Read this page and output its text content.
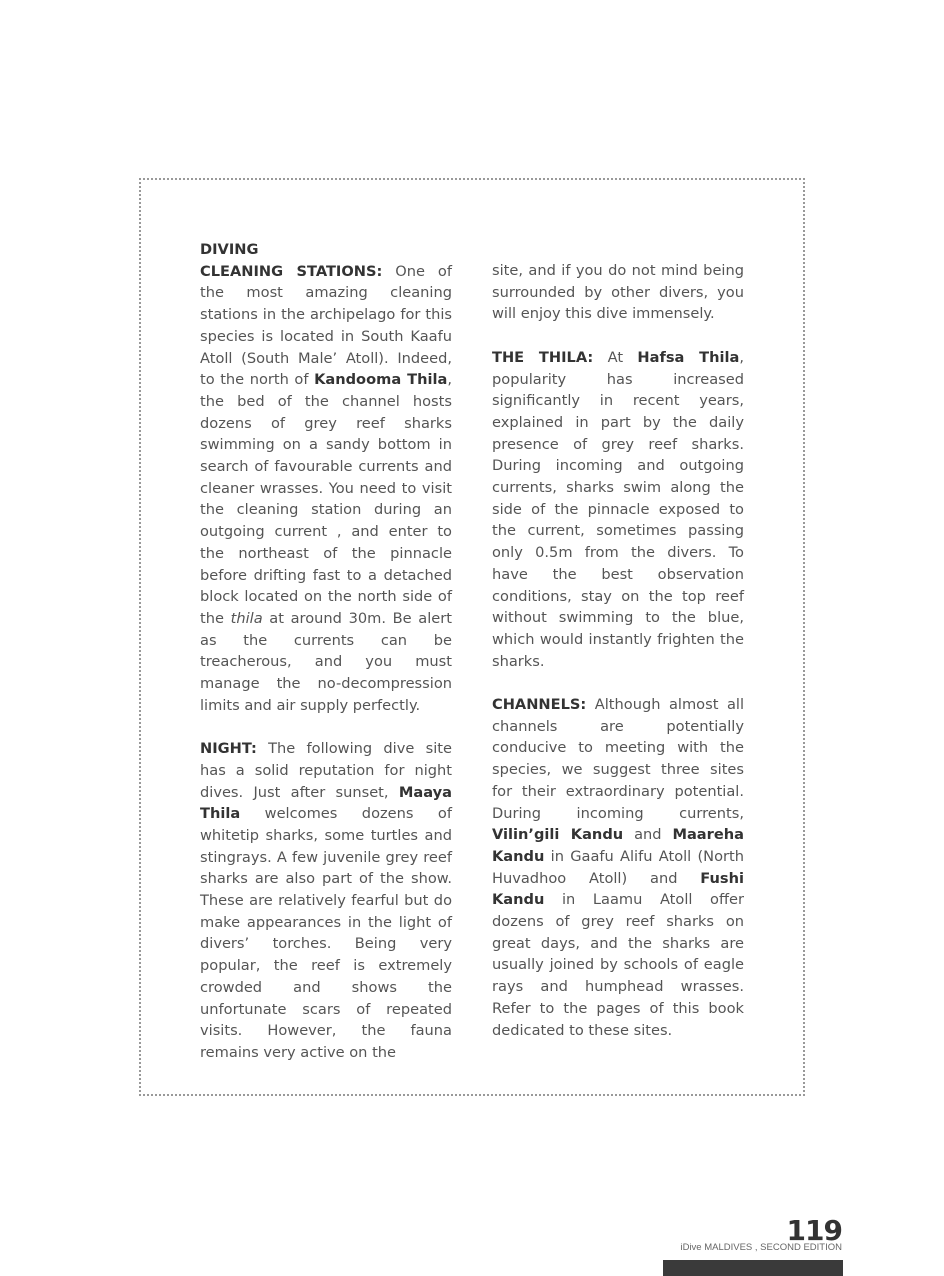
DIVING

CLEANING STATIONS: One of the most amazing cleaning stations in the archipelago for this species is located in South Kaafu Atoll (South Male’ Atoll). Indeed, to the north of Kandooma Thila, the bed of the channel hosts dozens of grey reef sharks swimming on a sandy bottom in search of favourable currents and cleaner wrasses. You need to visit the cleaning station during an outgoing current , and enter to the northeast of the pinnacle before drifting fast to a detached block located on the north side of the thila at around 30m. Be alert as the currents can be treacherous, and you must manage the no-decompression limits and air supply perfectly.

NIGHT: The following dive site has a solid reputation for night dives. Just after sunset, Maaya Thila welcomes dozens of whitetip sharks, some turtles and stingrays. A few juvenile grey reef sharks are also part of the show. These are relatively fearful but do make appearances in the light of divers’ torches. Being very popular, the reef is extremely crowded and shows the unfortunate scars of repeated visits. However, the fauna remains very active on the

site, and if you do not mind being surrounded by other divers, you will enjoy this dive immensely.

THE THILA: At Hafsa Thila, popularity has increased significantly in recent years, explained in part by the daily presence of grey reef sharks. During incoming and outgoing currents, sharks swim along the side of the pinnacle exposed to the current, sometimes passing only 0.5m from the divers. To have the best observation conditions, stay on the top reef without swimming to the blue, which would instantly frighten the sharks.

CHANNELS: Although almost all channels are potentially conducive to meeting with the species, we suggest three sites for their extraordinary potential. During incoming currents, Vilin’gili Kandu and Maareha Kandu in Gaafu Alifu Atoll (North Huvadhoo Atoll) and Fushi Kandu in Laamu Atoll offer dozens of grey reef sharks on great days, and the sharks are usually joined by schools of eagle rays and humphead wrasses. Refer to the pages of this book dedicated to these sites.

119
iDive MALDIVES , SECOND EDITION
